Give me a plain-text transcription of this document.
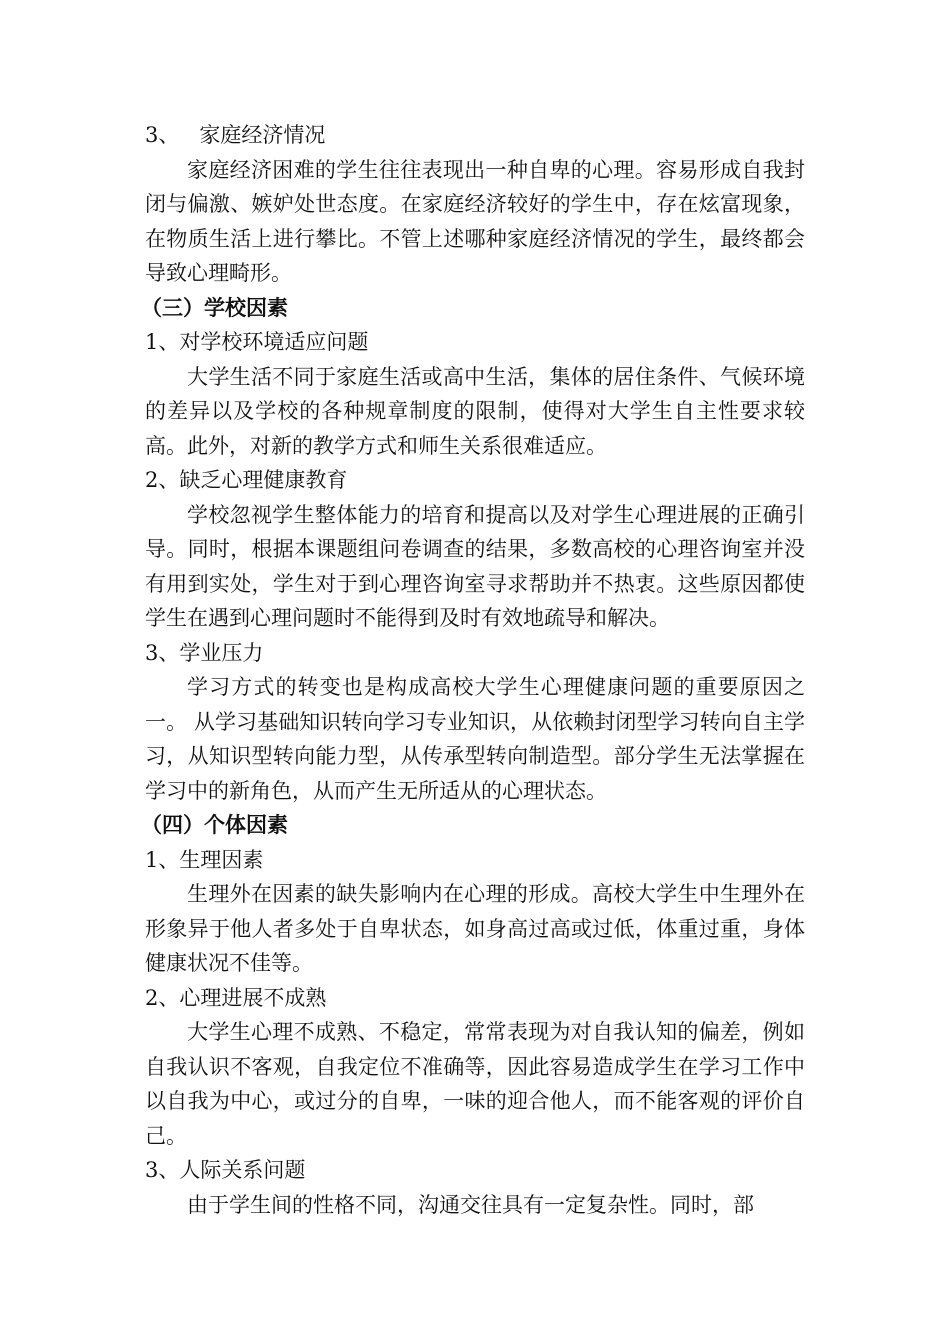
3、   家庭经济情况

家庭经济困难的学生往往表现出一种自卑的心理。容易形成自我封闭与偏激、嫉妒处世态度。在家庭经济较好的学生中，存在炫富现象，在物质生活上进行攀比。不管上述哪种家庭经济情况的学生，最终都会导致心理畸形。

（三）学校因素

1、对学校环境适应问题

大学生活不同于家庭生活或高中生活，集体的居住条件、气候环境的差异以及学校的各种规章制度的限制，使得对大学生自主性要求较高。此外，对新的教学方式和师生关系很难适应。

2、缺乏心理健康教育

学校忽视学生整体能力的培育和提高以及对学生心理进展的正确引导。同时，根据本课题组问卷调查的结果，多数高校的心理咨询室并没有用到实处，学生对于到心理咨询室寻求帮助并不热衷。这些原因都使学生在遇到心理问题时不能得到及时有效地疏导和解决。

3、学业压力

学习方式的转变也是构成高校大学生心理健康问题的重要原因之一。 从学习基础知识转向学习专业知识，从依赖封闭型学习转向自主学习，从知识型转向能力型，从传承型转向制造型。部分学生无法掌握在学习中的新角色，从而产生无所适从的心理状态。

（四）个体因素

1、生理因素

生理外在因素的缺失影响内在心理的形成。高校大学生中生理外在形象异于他人者多处于自卑状态，如身高过高或过低，体重过重，身体健康状况不佳等。

2、心理进展不成熟

大学生心理不成熟、不稳定，常常表现为对自我认知的偏差，例如自我认识不客观，自我定位不准确等，因此容易造成学生在学习工作中以自我为中心，或过分的自卑，一味的迎合他人，而不能客观的评价自己。

3、人际关系问题

由于学生间的性格不同，沟通交往具有一定复杂性。同时，部
